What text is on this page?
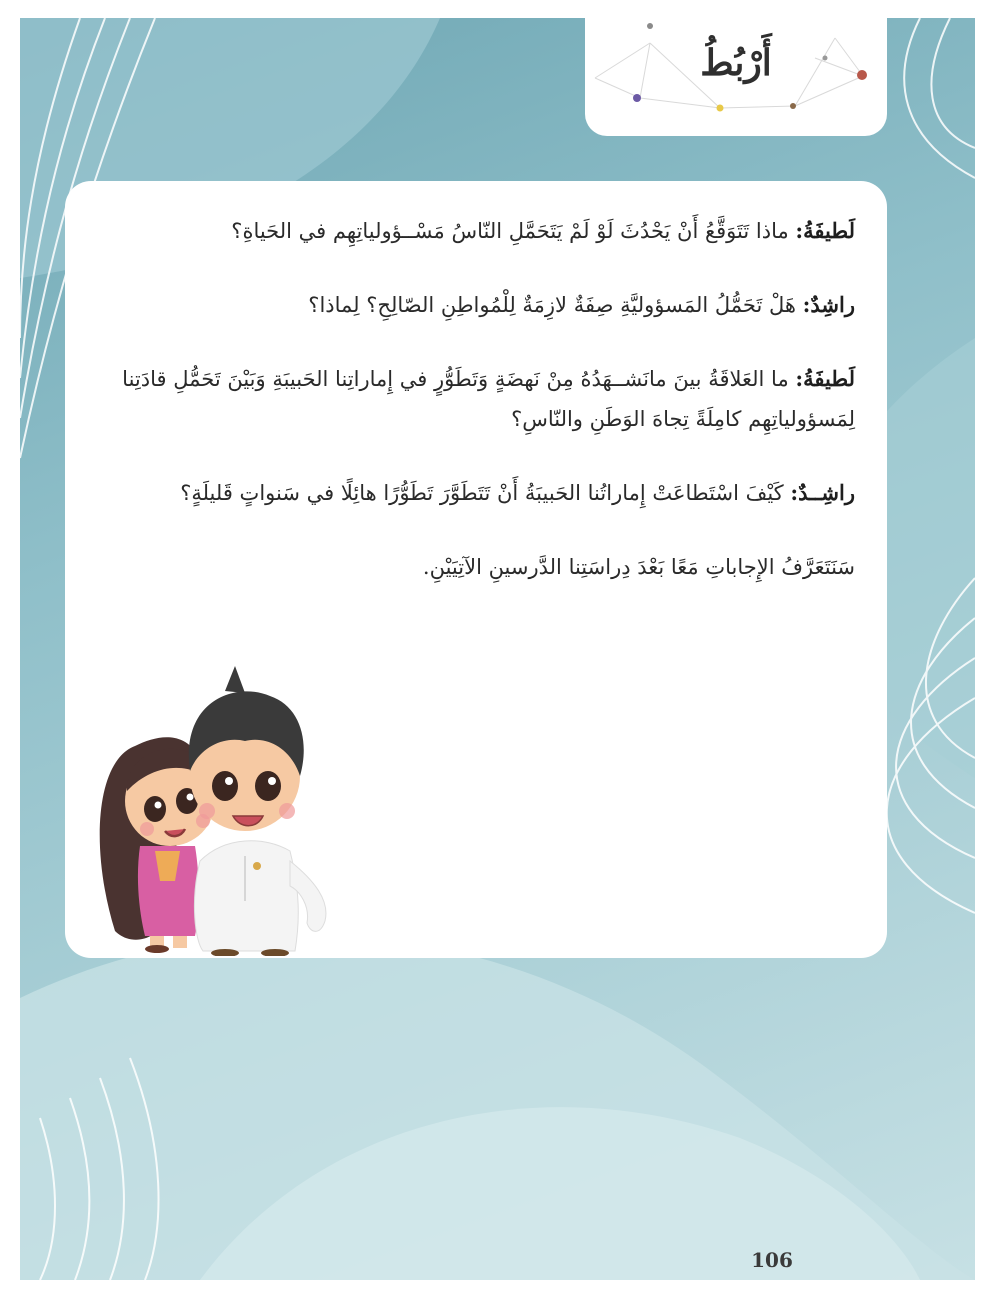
أَرْبُطُ

لَطيفَةُ: ماذا تَتَوَقَّعُ أَنْ يَحْدُثَ لَوْ لَمْ يَتَحَمَّلِ النّاسُ مَسْــؤولياتِهِم في الحَياةِ؟

راشِدٌ: هَلْ تَحَمُّلُ المَسؤوليَّةِ صِفَةٌ لازِمَةٌ لِلْمُواطِنِ الصّالِحِ؟ لِماذا؟

لَطيفَةُ: ما العَلاقَةُ بينَ مانَشــهَدُهُ مِنْ نَهضَةٍ وَتَطَوُّرٍ في إِماراتِنا الحَبيبَةِ وَبَيْنَ تَحَمُّلِ قادَتِنا لِمَسؤولياتِهِم كامِلَةً تِجاهَ الوَطَنِ والنّاسِ؟

راشِــدٌ: كَيْفَ اسْتَطاعَتْ إِماراتُنا الحَبيبَةُ أَنْ تَتَطَوَّرَ تَطَوُّرًا هائِلًا في سَنواتٍ قَليلَةٍ؟

سَنَتَعَرَّفُ الإِجاباتِ مَعًا بَعْدَ دِراسَتِنا الدَّرسينِ الآتِيَيْنِ.

106
